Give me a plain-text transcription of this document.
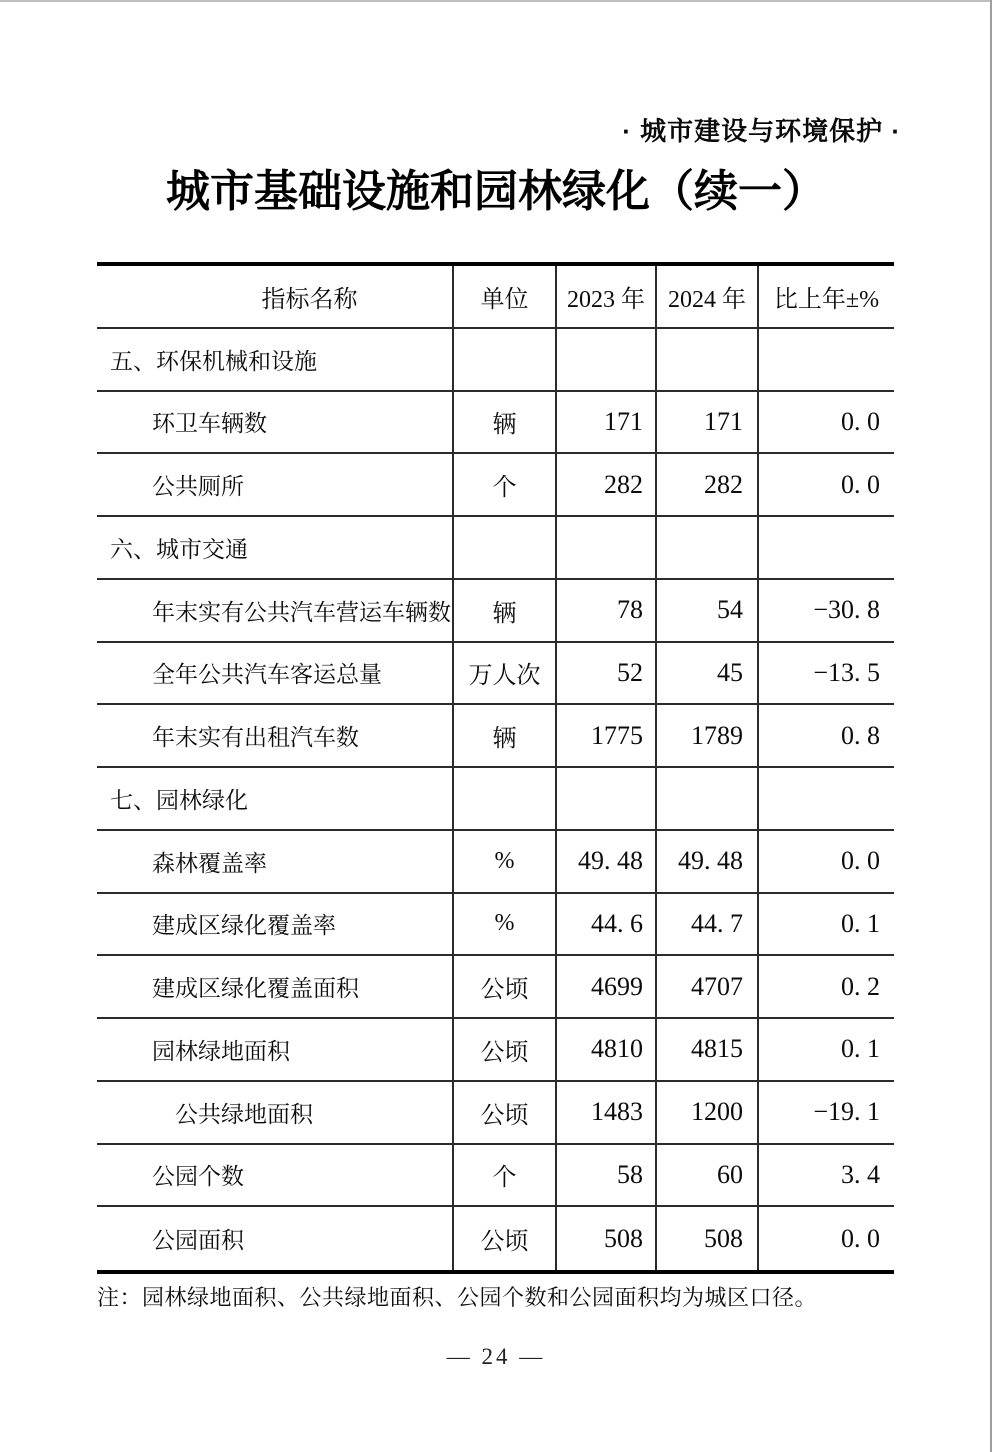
· 城市建设与环境保护 ·
城市基础设施和园林绿化（续一）
指标名称	单位	2023 年 2024 年	比上年±%
五、环保机械和设施
环卫车辆数	辆	171	171	0. 0
公共厕所	个	282	282	0. 0
六、城市交通
年末实有公共汽车营运车辆数	辆	78	54	−30. 8
全年公共汽车客运总量	万人次	52	45	−13. 5
年末实有出租汽车数	辆	1775	1789	0. 8
七、园林绿化
森林覆盖率	%	49. 48	49. 48	0. 0
建成区绿化覆盖率	%	44. 6	44. 7	0. 1
建成区绿化覆盖面积	公顷	4699	4707	0. 2
园林绿地面积	公顷	4810	4815	0. 1
公共绿地面积	公顷	1483	1200	−19. 1
公园个数	个	58	60	3. 4
公园面积	公顷	508	508	0. 0
注：园林绿地面积、公共绿地面积、公园个数和公园面积均为城区口径。
— 24 —
